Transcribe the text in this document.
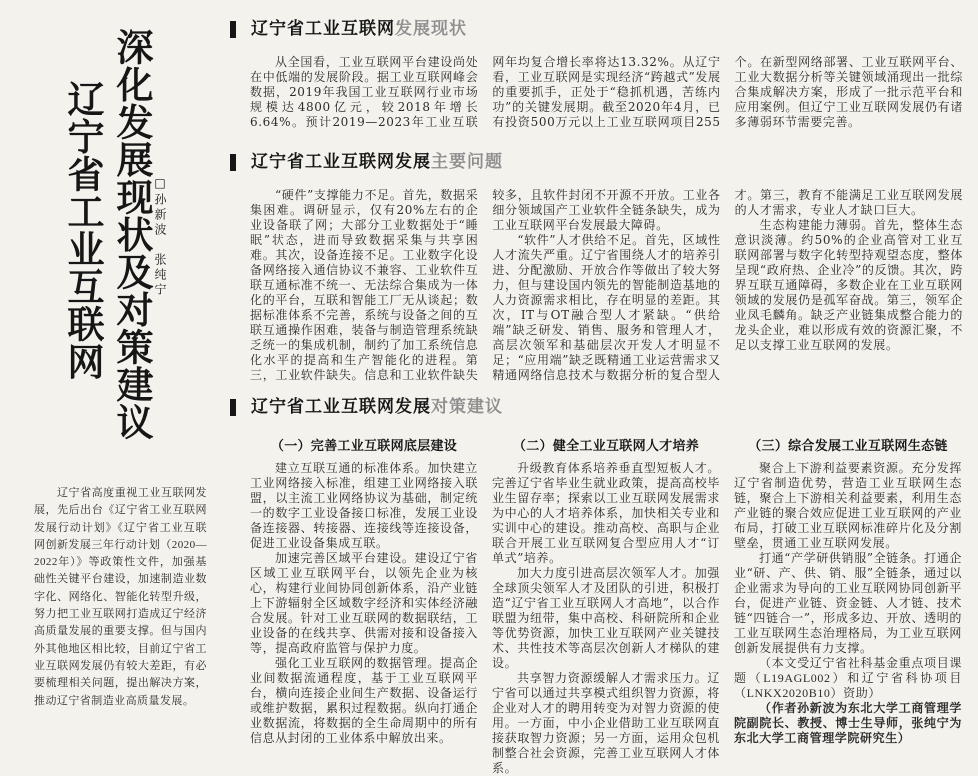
深化发展现状及对策建议
辽宁省工业互联网	□孙新波　张纯宁

辽宁省高度重视工业互联网发展，先后出台《辽宁省工业互联网发展行动计划》《辽宁省工业互联网创新发展三年行动计划（2020—2022年）》等政策性文件，加强基础性关键平台建设，加速制造业数字化、网络化、智能化转型升级，努力把工业互联网打造成辽宁经济高质量发展的重要支撑。但与国内外其他地区相比较，目前辽宁省工业互联网发展仍有较大差距，有必要梳理相关问题，提出解决方案，推动辽宁省制造业高质量发展。

辽宁省工业互联网发展现状

从全国看，工业互联网平台建设尚处在中低端的发展阶段。据工业互联网峰会数据，2019年我国工业互联网行业市场规模达4800亿元，较2018年增长6.64%。预计2019—2023年工业互联网年均复合增长率将达13.32%。从辽宁看，工业互联网是实现经济“跨越式”发展的重要抓手，正处于“稳抓机遇，苦练内功”的关键发展期。截至2020年4月，已有投资500万元以上工业互联网项目255个。在新型网络部署、工业互联网平台、工业大数据分析等关键领域涌现出一批综合集成解决方案，形成了一批示范平台和应用案例。但辽宁工业互联网发展仍有诸多薄弱环节需要完善。

辽宁省工业互联网发展主要问题

“硬件”支撑能力不足。首先，数据采集困难。调研显示，仅有20%左右的企业设备联了网；大部分工业数据处于“睡眠”状态，进而导致数据采集与共享困难。其次，设备连接不足。工业数字化设备网络接入通信协议不兼容、工业软件互联互通标准不统一、无法综合集成为一体化的平台，互联和智能工厂无从谈起；数据标准体系不完善，系统与设备之间的互联互通操作困难，装备与制造管理系统缺乏统一的集成机制，制约了加工系统信息化水平的提高和生产智能化的进程。第三，工业软件缺失。信息和工业软件缺失较多，且软件封闭不开源不开放。工业各细分领域国产工业软件全链条缺失，成为工业互联网平台发展最大障碍。

“软件”人才供给不足。首先，区域性人才流失严重。辽宁省围绕人才的培养引进、分配激励、开放合作等做出了较大努力，但与建设国内领先的智能制造基地的人力资源需求相比，存在明显的差距。其次，IT与OT融合型人才紧缺。“供给端”缺乏研发、销售、服务和管理人才，高层次领军和基础层次开发人才明显不足；“应用端”缺乏既精通工业运营需求又精通网络信息技术与数据分析的复合型人才。第三，教育不能满足工业互联网发展的人才需求，专业人才缺口巨大。

生态构建能力薄弱。首先，整体生态意识淡薄。约50%的企业高管对工业互联网部署与数字化转型持观望态度，整体呈现“政府热、企业冷”的反馈。其次，跨界互联互通障碍，多数企业在工业互联网领域的发展仍是孤军奋战。第三，领军企业凤毛麟角。缺乏产业链集成整合能力的龙头企业，难以形成有效的资源汇聚，不足以支撑工业互联网的发展。

辽宁省工业互联网发展对策建议
（一）完善工业互联网底层建设	（二）健全工业互联网人才培养	（三）综合发展工业互联网生态链

建立互联互通的标准体系。加快建立工业网络接入标准，组建工业网络接入联盟，以主流工业网络协议为基础，制定统一的数字工业设备接口标准，发展工业设备连接器、转接器、连接线等连接设备，促进工业设备集成互联。

加速完善区域平台建设。建设辽宁省区域工业互联网平台，以领先企业为核心，构建行业间协同创新体系，沿产业链上下游辐射全区域数字经济和实体经济融合发展。针对工业互联网的数据联结，工业设备的在线共享、供需对接和设备接入等，提高政府监管与保护力度。

强化工业互联网的数据管理。提高企业间数据流通程度，基于工业互联网平台，横向连接企业间生产数据、设备运行或维护数据，累积过程数据。纵向打通企业数据流，将数据的全生命周期中的所有信息从封闭的工业体系中解放出来。

升级教育体系培养垂直型短板人才。完善辽宁省毕业生就业政策，提高高校毕业生留存率；探索以工业互联网发展需求为中心的人才培养体系，加快相关专业和实训中心的建设。推动高校、高职与企业联合开展工业互联网复合型应用人才“订单式”培养。

加大力度引进高层次领军人才。加强全球顶尖领军人才及团队的引进，积极打造“辽宁省工业互联网人才高地”，以合作联盟为纽带，集中高校、科研院所和企业等优势资源，加快工业互联网产业关键技术、共性技术等高层次创新人才梯队的建设。

共享智力资源缓解人才需求压力。辽宁省可以通过共享模式组织智力资源，将企业对人才的聘用转变为对智力资源的使用。一方面，中小企业借助工业互联网直接获取智力资源；另一方面，运用众包机制整合社会资源，完善工业互联网人才体系。

聚合上下游利益要素资源。充分发挥辽宁省制造优势，营造工业互联网生态链，聚合上下游相关利益要素，利用生态产业链的聚合效应促进工业互联网的产业布局，打破工业互联网标准碎片化及分割壁垒，贯通工业互联网发展。

打通“产学研供销服”全链条。打通企业“研、产、供、销、服”全链条，通过以企业需求为导向的工业互联网协同创新平台，促进产业链、资金链、人才链、技术链“四链合一”，形成多边、开放、透明的工业互联网生态治理格局，为工业互联网创新发展提供有力支撑。

（本文受辽宁省社科基金重点项目课题（L19AGL002）和辽宁省科协项目（LNKX2020B10）资助）

（作者孙新波为东北大学工商管理学院副院长、教授、博士生导师，张纯宁为东北大学工商管理学院研究生）
